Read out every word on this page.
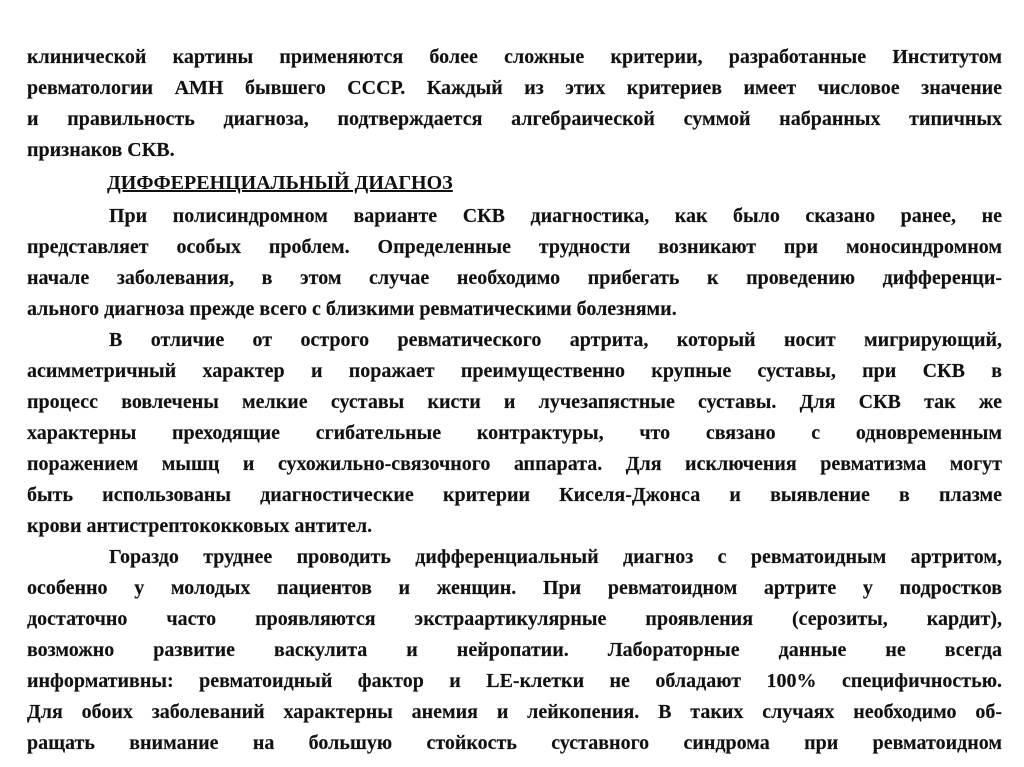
клинической картины применяются более сложные критерии, разработанные Институтом
ревматологии АМН бывшего СССР. Каждый из этих критериев имеет числовое значение
и правильность диагноза, подтверждается алгебраической суммой набранных типичных
признаков СКВ.
ДИФФЕРЕНЦИАЛЬНЫЙ ДИАГНОЗ
При полисиндромном варианте СКВ диагностика, как было сказано ранее, не
представляет особых проблем. Определенные трудности возникают при моносиндромном
начале заболевания, в этом случае необходимо прибегать к проведению дифференци-
ального диагноза прежде всего с близкими ревматическими болезнями.
В отличие от острого ревматического артрита, который носит мигрирующий,
асимметричный характер и поражает преимущественно крупные суставы, при СКВ в
процесс вовлечены мелкие суставы кисти и лучезапястные суставы. Для СКВ так же
характерны преходящие сгибательные контрактуры, что связано с одновременным
поражением мышц и сухожильно-связочного аппарата. Для исключения ревматизма могут
быть использованы диагностические критерии Киселя-Джонса и выявление в плазме
крови антистрептококковых антител.
Гораздо труднее проводить дифференциальный диагноз с ревматоидным артритом,
особенно у молодых пациентов и женщин. При ревматоидном артрите у подростков
достаточно часто проявляются экстраартикулярные проявления (серозиты, кардит),
возможно развитие васкулита и нейропатии. Лабораторные данные не всегда
информативны: ревматоидный фактор и LE-клетки не обладают 100% специфичностью.
Для обоих заболеваний характерны анемия и лейкопения. В таких случаях необходимо об-
ращать внимание на большую стойкость суставного синдрома при ревматоидном
